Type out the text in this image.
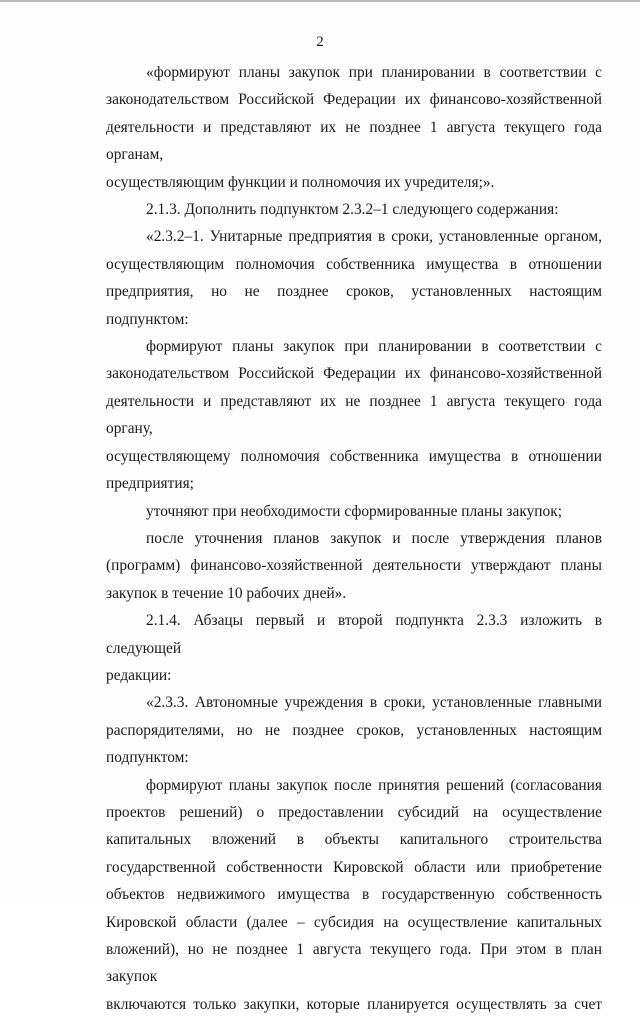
2

«формируют планы закупок при планировании в соответствии с

законодательством Российской Федерации их финансово-хозяйственной

деятельности и представляют их не позднее 1 августа текущего года органам,

осуществляющим функции и полномочия их учредителя;».

2.1.3. Дополнить подпунктом 2.3.2–1 следующего содержания:

«2.3.2–1. Унитарные предприятия в сроки, установленные органом,

осуществляющим полномочия собственника имущества в отношении

предприятия, но не позднее сроков, установленных настоящим подпунктом:

формируют планы закупок при планировании в соответствии с

законодательством Российской Федерации их финансово-хозяйственной

деятельности и представляют их не позднее 1 августа текущего года органу,

осуществляющему полномочия собственника имущества в отношении

предприятия;

уточняют при необходимости сформированные планы закупок;

после уточнения планов закупок и после утверждения планов

(программ) финансово-хозяйственной деятельности утверждают планы

закупок в течение 10 рабочих дней».

2.1.4. Абзацы первый и второй подпункта 2.3.3 изложить в следующей

редакции:

«2.3.3. Автономные учреждения в сроки, установленные главными

распорядителями, но не позднее сроков, установленных настоящим

подпунктом:

формируют планы закупок после принятия решений (согласования

проектов решений) о предоставлении субсидий на осуществление

капитальных вложений в объекты капитального строительства

государственной собственности Кировской области или приобретение

объектов недвижимого имущества в государственную собственность

Кировской области (далее – субсидия на осуществление капитальных

вложений), но не позднее 1 августа текущего года. При этом в план закупок

включаются только закупки, которые планируется осуществлять за счет
